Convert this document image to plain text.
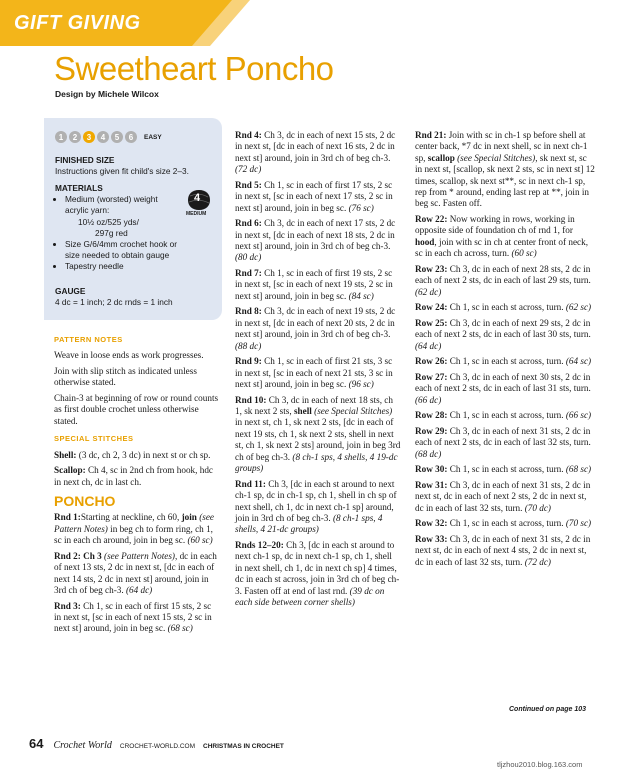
GIFT GIVING
Sweetheart Poncho
Design by Michele Wilcox
1	2	3	4	5	6	EASY
FINISHED SIZE
Instructions given fit child's size 2–3.
MATERIALS
• Medium (worsted) weight acrylic yarn:
10½ oz/525 yds/
297g red
• Size G/6/4mm crochet hook or size needed to obtain gauge
• Tapestry needle
4
MEDIUM
GAUGE
4 dc = 1 inch; 2 dc rnds = 1 inch
PATTERN NOTES

Weave in loose ends as work progresses.

Join with slip stitch as indicated unless otherwise stated.

Chain-3 at beginning of row or round counts as first double crochet unless otherwise stated.

SPECIAL STITCHES

Shell: (3 dc, ch 2, 3 dc) in next st or ch sp.

Scallop: Ch 4, sc in 2nd ch from hook, hdc in next ch, dc in last ch.

PONCHO

Rnd 1:Starting at neckline, ch 60, join (see Pattern Notes) in beg ch to form ring, ch 1, sc in each ch around, join in beg sc. (60 sc)

Rnd 2: Ch 3 (see Pattern Notes), dc in each of next 13 sts, 2 dc in next st, [dc in each of next 14 sts, 2 dc in next st] around, join in 3rd ch of beg ch-3. (64 dc)

Rnd 3: Ch 1, sc in each of first 15 sts, 2 sc in next st, [sc in each of next 15 sts, 2 sc in next st] around, join in beg sc. (68 sc)

Rnd 4: Ch 3, dc in each of next 15 sts, 2 dc in next st, [dc in each of next 16 sts, 2 dc in next st] around, join in 3rd ch of beg ch-3. (72 dc)

Rnd 5: Ch 1, sc in each of first 17 sts, 2 sc in next st, [sc in each of next 17 sts, 2 sc in next st] around, join in beg sc. (76 sc)

Rnd 6: Ch 3, dc in each of next 17 sts, 2 dc in next st, [dc in each of next 18 sts, 2 dc in next st] around, join in 3rd ch of beg ch-3. (80 dc)

Rnd 7: Ch 1, sc in each of first 19 sts, 2 sc in next st, [sc in each of next 19 sts, 2 sc in next st] around, join in beg sc. (84 sc)

Rnd 8: Ch 3, dc in each of next 19 sts, 2 dc in next st, [dc in each of next 20 sts, 2 dc in next st] around, join in 3rd ch of beg ch-3. (88 dc)

Rnd 9: Ch 1, sc in each of first 21 sts, 3 sc in next st, [sc in each of next 21 sts, 3 sc in next st] around, join in beg sc. (96 sc)

Rnd 10: Ch 3, dc in each of next 18 sts, ch 1, sk next 2 sts, shell (see Special Stitches) in next st, ch 1, sk next 2 sts, [dc in each of next 19 sts, ch 1, sk next 2 sts, shell in next st, ch 1, sk next 2 sts] around, join in beg 3rd ch of beg ch-3. (8 ch-1 sps, 4 shells, 4 19-dc groups)

Rnd 11: Ch 3, [dc in each st around to next ch-1 sp, dc in ch-1 sp, ch 1, shell in ch sp of next shell, ch 1, dc in next ch-1 sp] around, join in 3rd ch of beg ch-3. (8 ch-1 sps, 4 shells, 4 21-dc groups)

Rnds 12–20: Ch 3, [dc in each st around to next ch-1 sp, dc in next ch-1 sp, ch 1, shell in next shell, ch 1, dc in next ch sp] 4 times, dc in each st across, join in 3rd ch of beg ch-3. Fasten off at end of last rnd. (39 dc on each side between corner shells)

Rnd 21: Join with sc in ch-1 sp before shell at center back, *7 dc in next shell, sc in next ch-1 sp, scallop (see Special Stitches), sk next st, sc in next st, [scallop, sk next 2 sts, sc in next st] 12 times, scallop, sk next st**, sc in next ch-1 sp, rep from * around, ending last rep at **, join in beg sc. Fasten off.

Row 22: Now working in rows, working in opposite side of foundation ch of rnd 1, for hood, join with sc in ch at center front of neck, sc in each ch across, turn. (60 sc)

Row 23: Ch 3, dc in each of next 28 sts, 2 dc in each of next 2 sts, dc in each of last 29 sts, turn. (62 dc)

Row 24: Ch 1, sc in each st across, turn. (62 sc)

Row 25: Ch 3, dc in each of next 29 sts, 2 dc in each of next 2 sts, dc in each of last 30 sts, turn. (64 dc)

Row 26: Ch 1, sc in each st across, turn. (64 sc)

Row 27: Ch 3, dc in each of next 30 sts, 2 dc in each of next 2 sts, dc in each of last 31 sts, turn. (66 dc)

Row 28: Ch 1, sc in each st across, turn. (66 sc)

Row 29: Ch 3, dc in each of next 31 sts, 2 dc in each of next 2 sts, dc in each of last 32 sts, turn. (68 dc)

Row 30: Ch 1, sc in each st across, turn. (68 sc)

Row 31: Ch 3, dc in each of next 31 sts, 2 dc in next st, dc in each of next 2 sts, 2 dc in next st, dc in each of last 32 sts, turn. (70 dc)

Row 32: Ch 1, sc in each st across, turn. (70 sc)

Row 33: Ch 3, dc in each of next 31 sts, 2 dc in next st, dc in each of next 4 sts, 2 dc in next st, dc in each of last 32 sts, turn. (72 dc)

Continued on page 103
64 Crochet World CROCHET-WORLD.COM CHRISTMAS IN CROCHET
tljzhou2010.blog.163.com
